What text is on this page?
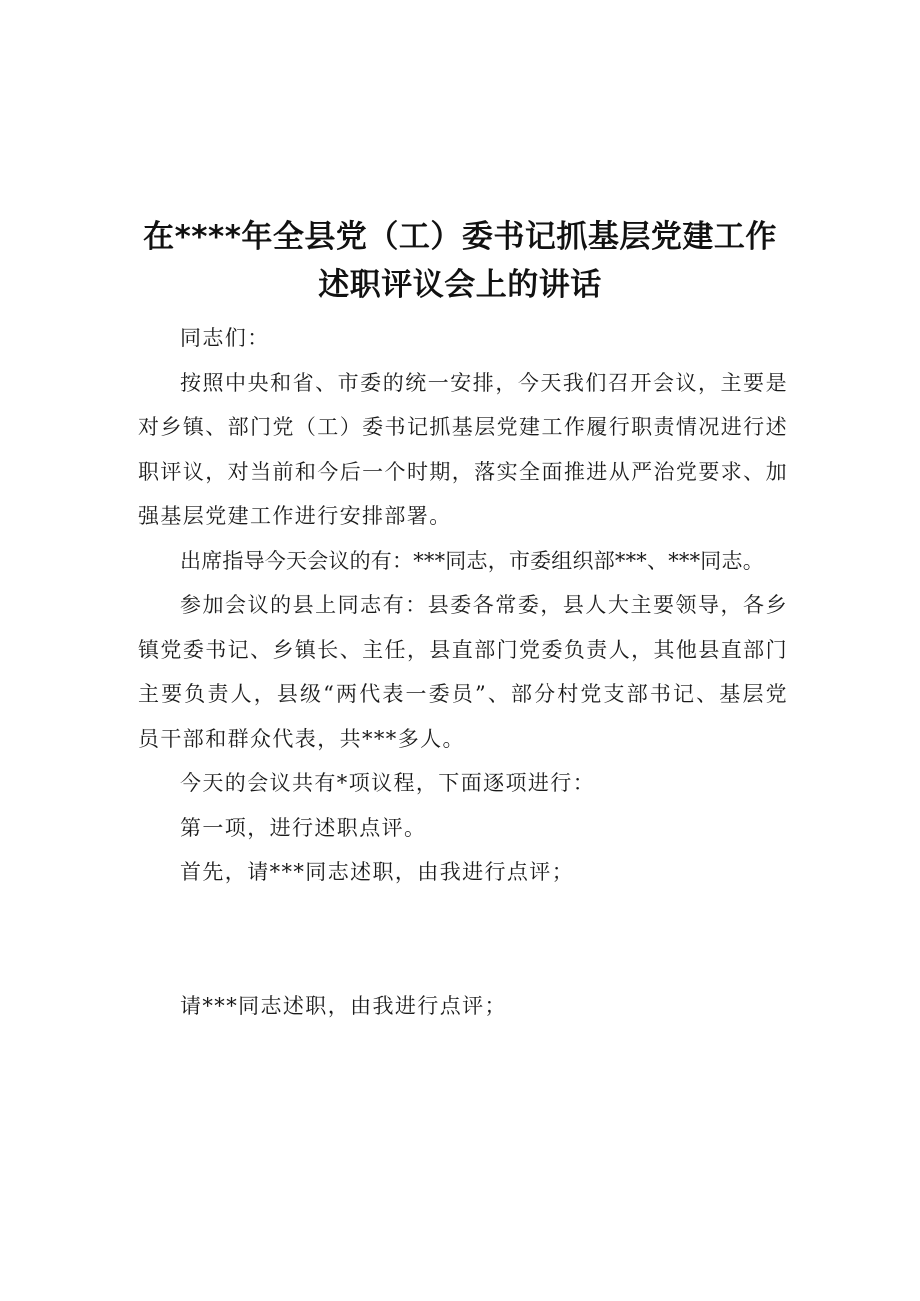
在****年全县党（工）委书记抓基层党建工作
述职评议会上的讲话

同志们：

按照中央和省、市委的统一安排，今天我们召开会议，主要是对乡镇、部门党（工）委书记抓基层党建工作履行职责情况进行述职评议，对当前和今后一个时期，落实全面推进从严治党要求、加强基层党建工作进行安排部署。

出席指导今天会议的有：***同志，市委组织部***、***同志。

参加会议的县上同志有：县委各常委，县人大主要领导，各乡镇党委书记、乡镇长、主任，县直部门党委负责人，其他县直部门主要负责人，县级“两代表一委员”、部分村党支部书记、基层党员干部和群众代表，共***多人。

今天的会议共有*项议程，下面逐项进行：

第一项，进行述职点评。

首先，请***同志述职，由我进行点评；

请***同志述职，由我进行点评；
